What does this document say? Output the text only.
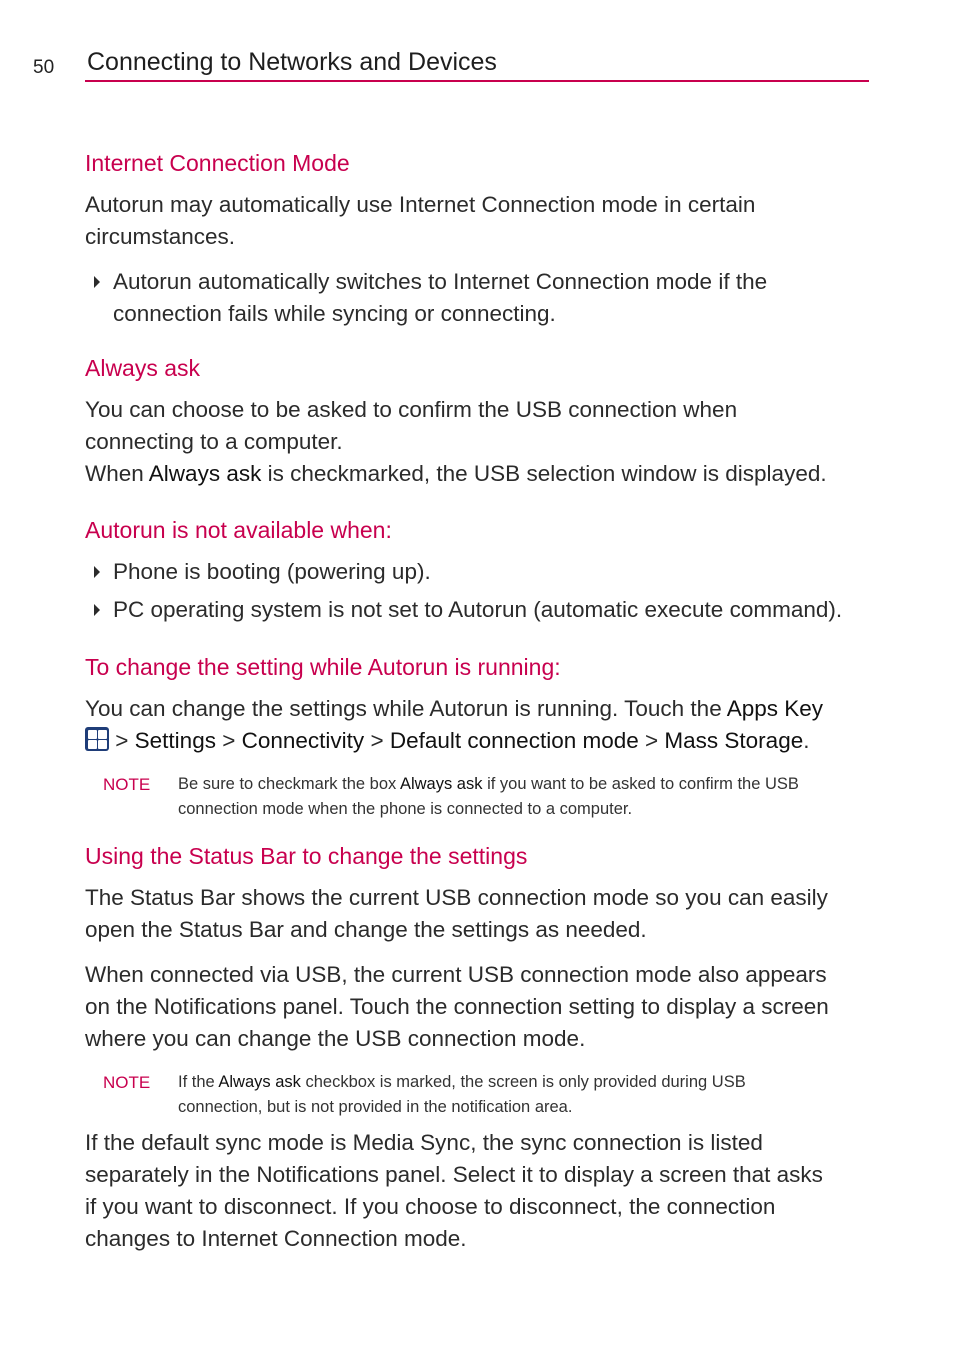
50 Connecting to Networks and Devices
Internet Connection Mode
Autorun may automatically use Internet Connection mode in certain
circumstances.
Autorun automatically switches to Internet Connection mode if the
connection fails while syncing or connecting.
Always ask
You can choose to be asked to confirm the USB connection when
connecting to a computer.
When Always ask is checkmarked, the USB selection window is displayed.
Autorun is not available when:
Phone is booting (powering up).
PC operating system is not set to Autorun (automatic execute command).
To change the setting while Autorun is running:
You can change the settings while Autorun is running. Touch the Apps Key
> Settings > Connectivity > Default connection mode > Mass Storage.
NOTE Be sure to checkmark the box Always ask if you want to be asked to confirm the USB
connection mode when the phone is connected to a computer.
Using the Status Bar to change the settings
The Status Bar shows the current USB connection mode so you can easily
open the Status Bar and change the settings as needed.
When connected via USB, the current USB connection mode also appears
on the Notifications panel. Touch the connection setting to display a screen
where you can change the USB connection mode.
NOTE If the Always ask checkbox is marked, the screen is only provided during USB
connection, but is not provided in the notification area.
If the default sync mode is Media Sync, the sync connection is listed
separately in the Notifications panel. Select it to display a screen that asks
if you want to disconnect. If you choose to disconnect, the connection
changes to Internet Connection mode.
